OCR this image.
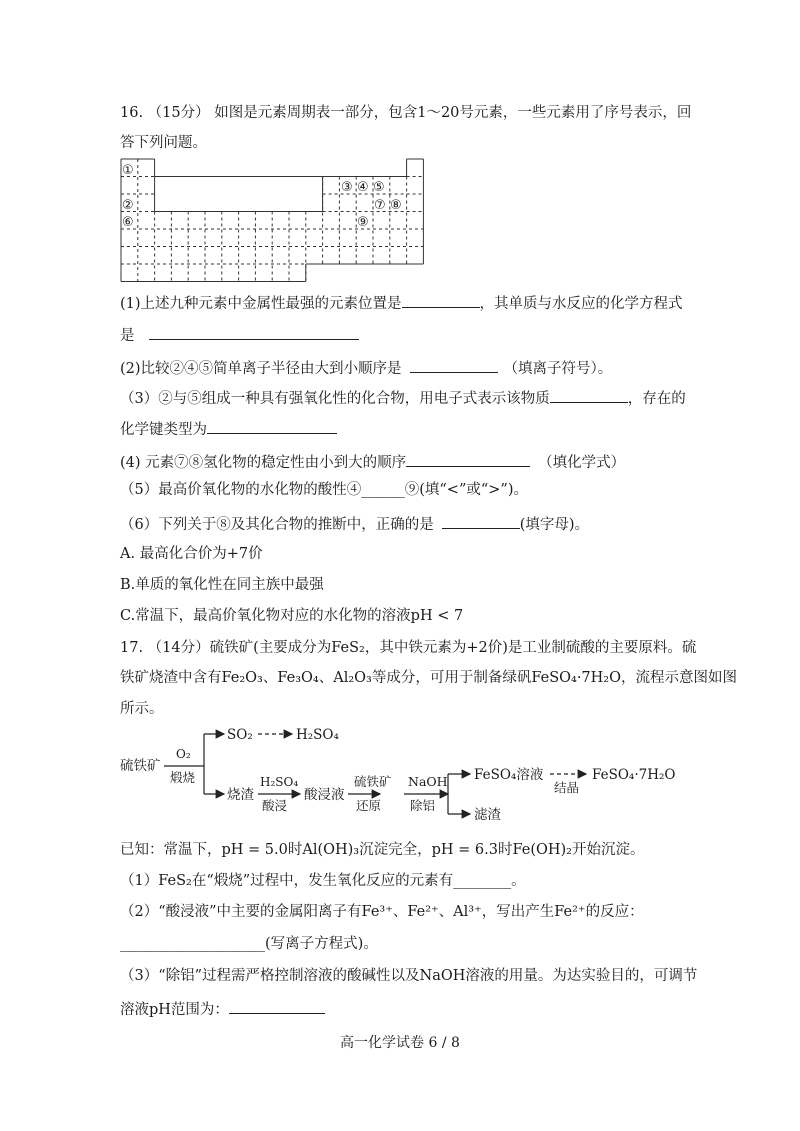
16. （15分） 如图是元素周期表一部分，包含1～20号元素，一些元素用了序号表示，回
答下列问题。
①
②
⑥
③ ④ ⑤
⑦ ⑧
⑨
(1)上述九种元素中金属性最强的元素位置是	，其单质与水反应的化学方程式
是
(2)比较②④⑤简单离子半径由大到小顺序是	（填离子符号）。
（3）②与⑤组成一种具有强氧化性的化合物，用电子式表示该物质	，存在的
化学键类型为
(4) 元素⑦⑧氢化物的稳定性由小到大的顺序	（填化学式）
（5）最高价氧化物的水化物的酸性④______⑨(填“<”或“>”)。
（6）下列关于⑧及其化合物的推断中，正确的是	(填字母)。
A. 最高化合价为+7价
B.单质的氧化性在同主族中最强
C.常温下，最高价氧化物对应的水化物的溶液pH < 7
17. （14分）硫铁矿(主要成分为FeS₂，其中铁元素为+2价)是工业制硫酸的主要原料。硫
铁矿烧渣中含有Fe₂O₃、Fe₃O₄、Al₂O₃等成分，可用于制备绿矾FeSO₄·7H₂O，流程示意图如图
所示。
硫铁矿
O₂
煅烧
SO₂	H₂SO₄
烧渣
H₂SO₄
酸浸
酸浸液
硫铁矿
还原
NaOH
除铝
FeSO₄溶液
结晶
FeSO₄·7H₂O
滤渣
已知：常温下，pH = 5.0时Al(OH)₃沉淀完全，pH = 6.3时Fe(OH)₂开始沉淀。
（1）FeS₂在“煅烧”过程中，发生氧化反应的元素有________。
（2）“酸浸液”中主要的金属阳离子有Fe³⁺、Fe²⁺、Al³⁺，写出产生Fe²⁺的反应：
____________________(写离子方程式)。
（3）“除铝”过程需严格控制溶液的酸碱性以及NaOH溶液的用量。为达实验目的，可调节
溶液pH范围为：
高一化学试卷 6 / 8
